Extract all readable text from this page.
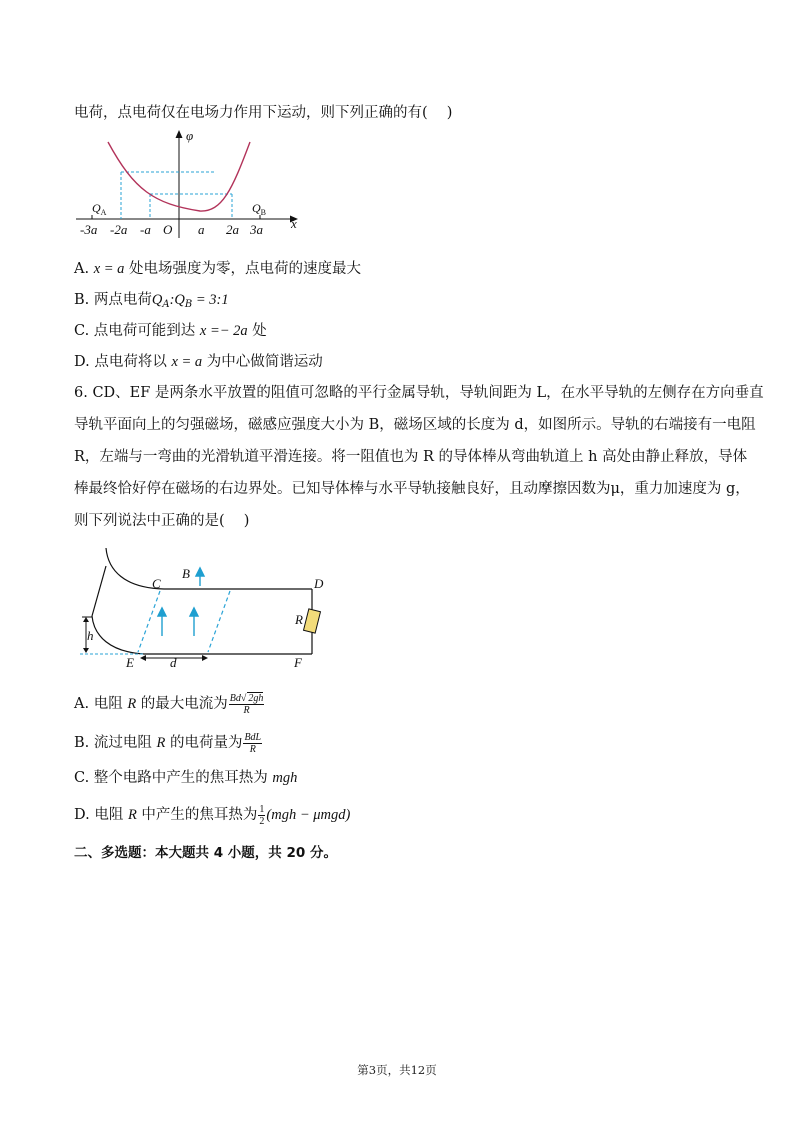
电荷，点电荷仅在电场力作用下运动，则下列正确的有(　 )
φ
x
$Q_A$	$Q_B$
-3a -2a -a O a 2a 3a
A. x = a 处电场强度为零，点电荷的速度最大
B. 两点电荷$Q_A:Q_B$ = 3:1
C. 点电荷可能到达 x =− 2a 处
D. 点电荷将以 x = a 为中心做简谐运动
6. CD、EF 是两条水平放置的阻值可忽略的平行金属导轨，导轨间距为 L，在水平导轨的左侧存在方向垂直
导轨平面向上的匀强磁场，磁感应强度大小为 B，磁场区域的长度为 d，如图所示。导轨的右端接有一电阻
R，左端与一弯曲的光滑轨道平滑连接。将一阻值也为 R 的导体棒从弯曲轨道上 h 高处由静止释放，导体
棒最终恰好停在磁场的右边界处。已知导体棒与水平导轨接触良好，且动摩擦因数为μ，重力加速度为 g，
则下列说法中正确的是(　 )
C
B
D
R
h
E	d	F
A. 电阻 R 的最大电流为 $\frac{Bd√ 2gh}{R}$
B. 流过电阻 R 的电荷量为 $\frac{\text{BdL}}{R}$
C. 整个电路中产生的焦耳热为 mgh
D. 电阻 R 中产生的焦耳热为 $\frac{1}{2} (mgh - \mu mgd)$
二、多选题：本大题共 4 小题，共 20 分。
第3页，共12页
